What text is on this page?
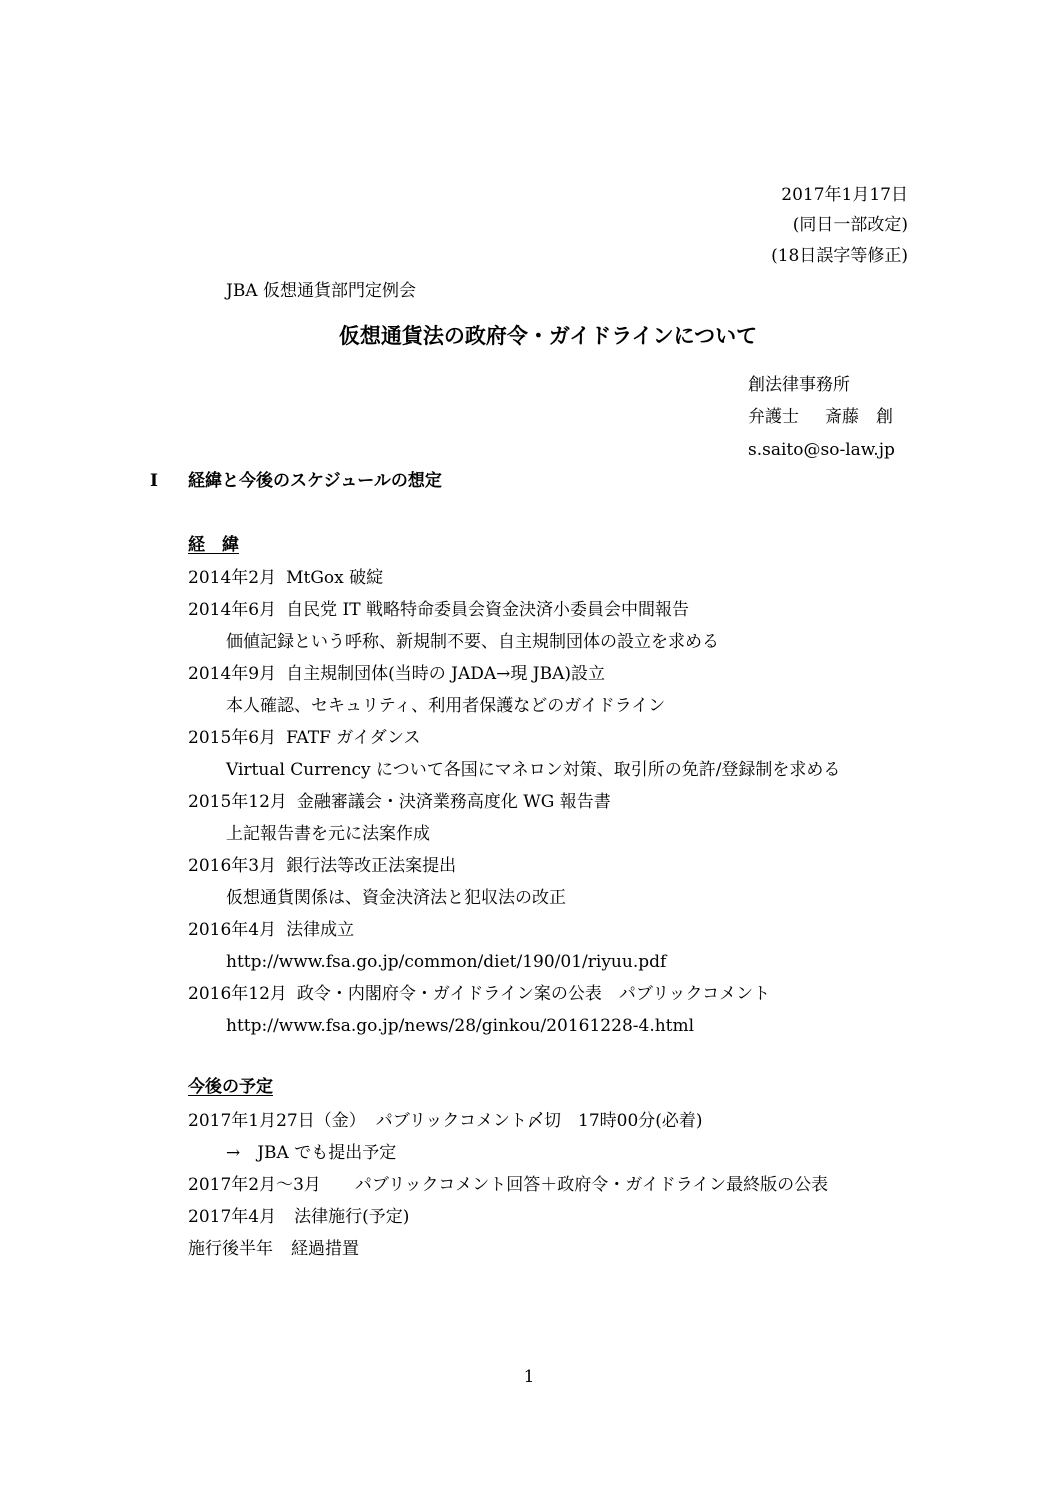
2017年1月17日
(同日一部改定)
(18日誤字等修正)
JBA 仮想通貨部門定例会
仮想通貨法の政府令・ガイドラインについて
創法律事務所
弁護士 斎藤　創
s.saito@so-law.jp
I 経緯と今後のスケジュールの想定
経　緯
2014年2月 MtGox 破綻
2014年6月 自民党 IT 戦略特命委員会資金決済小委員会中間報告
価値記録という呼称、新規制不要、自主規制団体の設立を求める
2014年9月 自主規制団体(当時の JADA→現 JBA)設立
本人確認、セキュリティ、利用者保護などのガイドライン
2015年6月 FATF ガイダンス
Virtual Currency について各国にマネロン対策、取引所の免許/登録制を求める
2015年12月 金融審議会・決済業務高度化 WG 報告書
上記報告書を元に法案作成
2016年3月 銀行法等改正法案提出
仮想通貨関係は、資金決済法と犯収法の改正
2016年4月 法律成立
http://www.fsa.go.jp/common/diet/190/01/riyuu.pdf
2016年12月 政令・内閣府令・ガイドライン案の公表　パブリックコメント
http://www.fsa.go.jp/news/28/ginkou/20161228-4.html
今後の予定
2017年1月27日（金） パブリックコメント〆切　17時00分(必着)
→　JBA でも提出予定
2017年2月～3月 パブリックコメント回答＋政府令・ガイドライン最終版の公表
2017年4月 法律施行(予定)
施行後半年 経過措置
1
